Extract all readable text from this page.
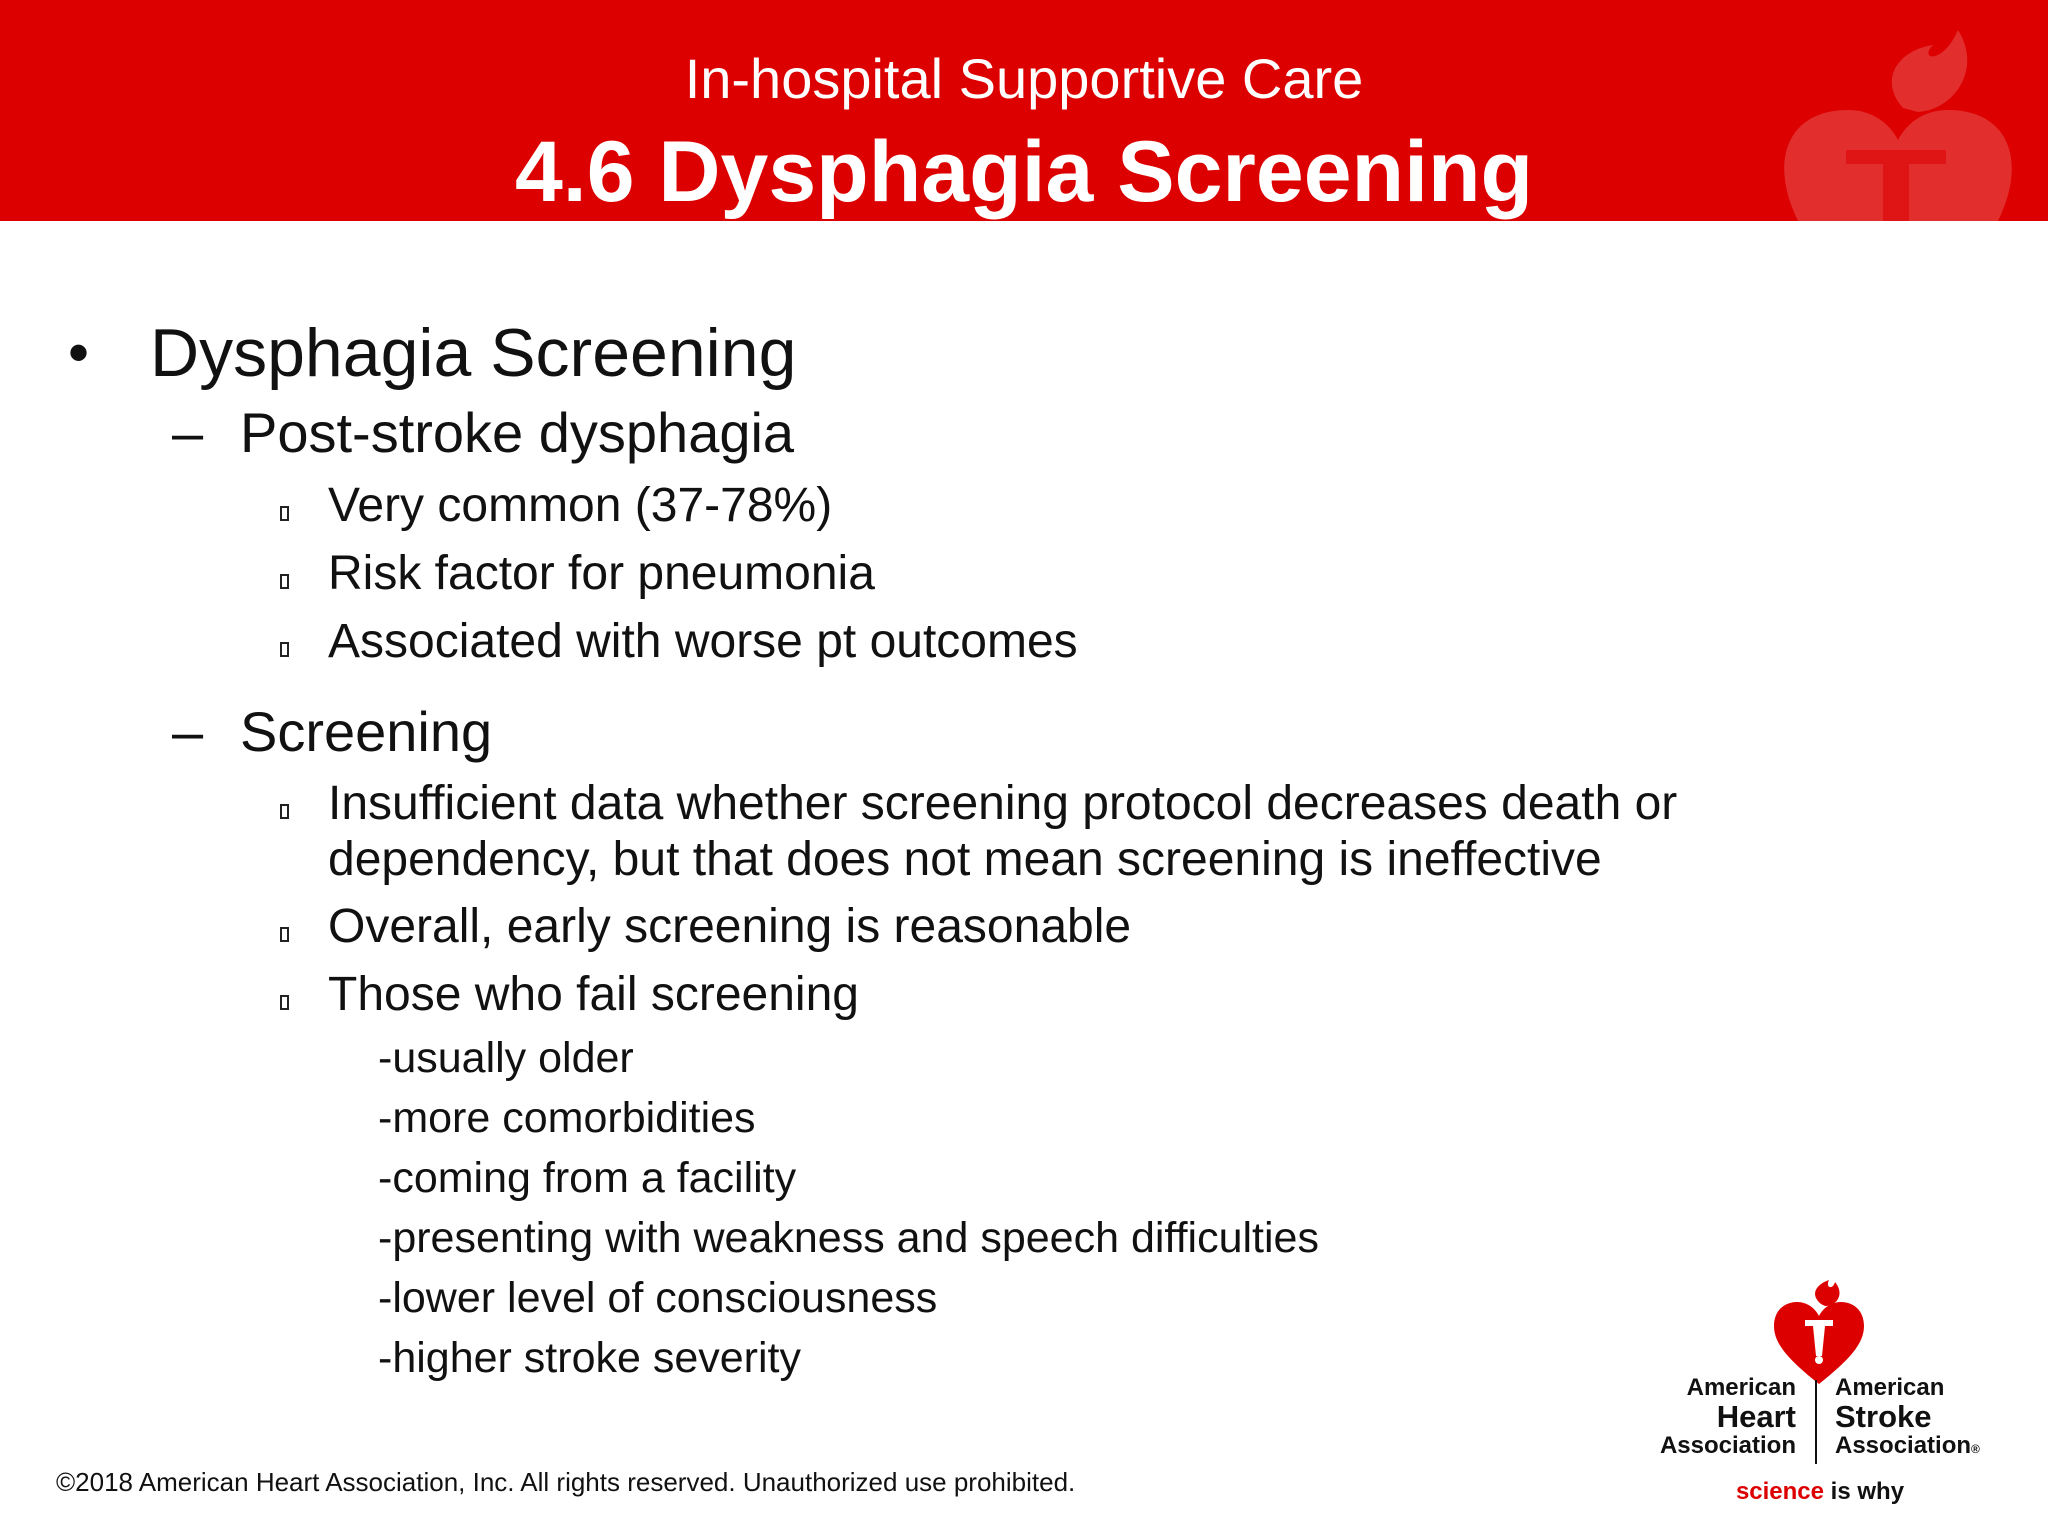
In-hospital Supportive Care
4.6 Dysphagia Screening
• Dysphagia Screening
– Post-stroke dysphagia
Very common (37-78%)
Risk factor for pneumonia
Associated with worse pt outcomes
– Screening
Insufficient data whether screening protocol decreases death or dependency, but that does not mean screening is ineffective
Overall, early screening is reasonable
Those who fail screening
-usually older
-more comorbidities
-coming from a facility
-presenting with weakness and speech difficulties
-lower level of consciousness
-higher stroke severity
©2018 American Heart Association, Inc. All rights reserved. Unauthorized use prohibited.
American
Heart
Association
American
Stroke
Association®
science is why
